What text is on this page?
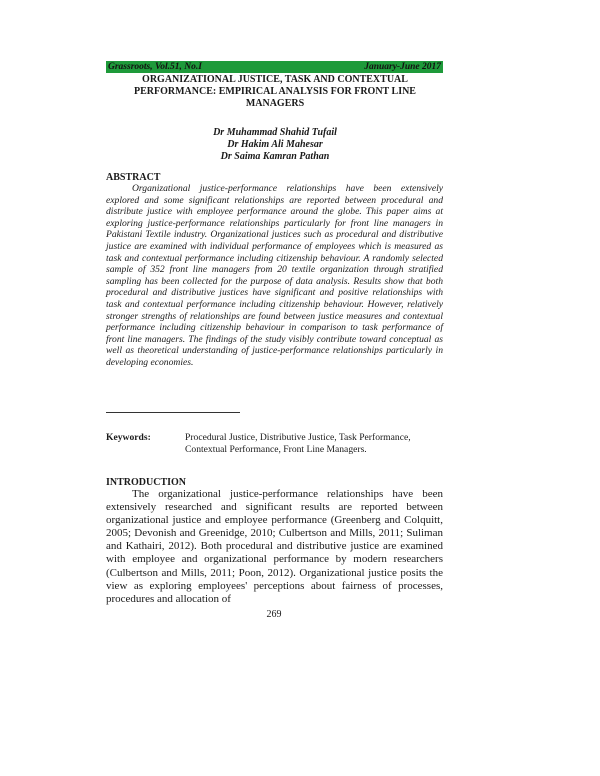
Grassroots, Vol.51, No.I	January-June 2017
ORGANIZATIONAL JUSTICE, TASK AND CONTEXTUAL PERFORMANCE: EMPIRICAL ANALYSIS FOR FRONT LINE MANAGERS
Dr Muhammad Shahid Tufail
Dr Hakim Ali Mahesar
Dr Saima Kamran Pathan
ABSTRACT

Organizational justice-performance relationships have been extensively explored and some significant relationships are reported between procedural and distribute justice with employee performance around the globe. This paper aims at exploring justice-performance relationships particularly for front line managers in Pakistani Textile industry. Organizational justices such as procedural and distributive justice are examined with individual performance of employees which is measured as task and contextual performance including citizenship behaviour. A randomly selected sample of 352 front line managers from 20 textile organization through stratified sampling has been collected for the purpose of data analysis. Results show that both procedural and distributive justices have significant and positive relationships with task and contextual performance including citizenship behaviour. However, relatively stronger strengths of relationships are found between justice measures and contextual performance including citizenship behaviour in comparison to task performance of front line managers. The findings of the study visibly contribute toward conceptual as well as theoretical understanding of justice-performance relationships particularly in developing economies.

Keywords:	Procedural Justice, Distributive Justice, Task Performance, Contextual Performance, Front Line Managers.
INTRODUCTION

The organizational justice-performance relationships have been extensively researched and significant results are reported between organizational justice and employee performance (Greenberg and Colquitt, 2005; Devonish and Greenidge, 2010; Culbertson and Mills, 2011; Suliman and Kathairi, 2012). Both procedural and distributive justice are examined with employee and organizational performance by modern researchers (Culbertson and Mills, 2011; Poon, 2012). Organizational justice posits the view as exploring employees' perceptions about fairness of processes, procedures and allocation of

269
